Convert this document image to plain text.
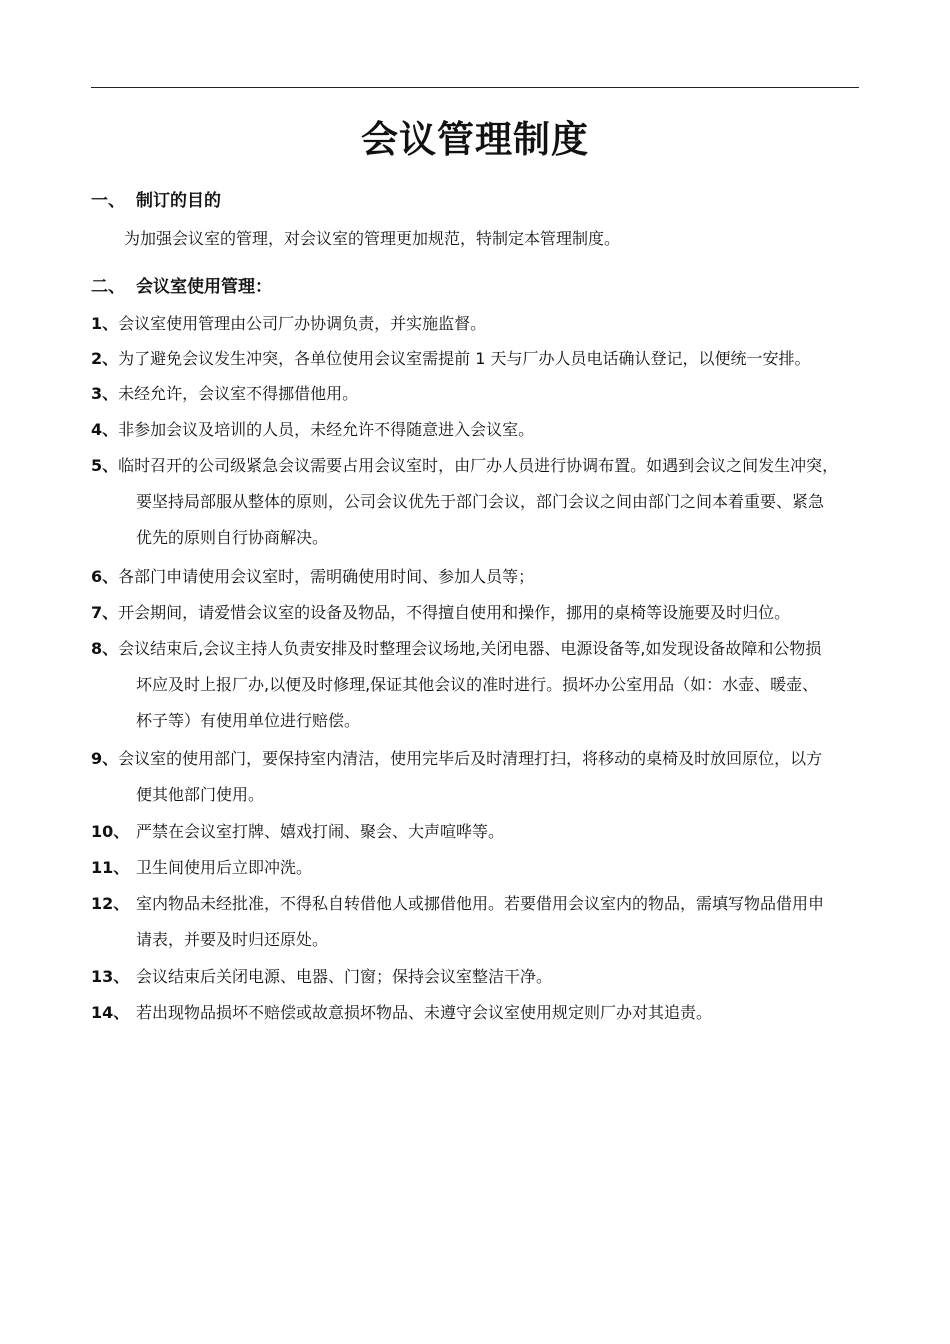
会议管理制度
一、 制订的目的
为加强会议室的管理，对会议室的管理更加规范，特制定本管理制度。
二、 会议室使用管理：
1、会议室使用管理由公司厂办协调负责，并实施监督。
2、为了避免会议发生冲突，各单位使用会议室需提前 1 天与厂办人员电话确认登记，以便统一安排。
3、未经允许，会议室不得挪借他用。
4、非参加会议及培训的人员，未经允许不得随意进入会议室。
5、临时召开的公司级紧急会议需要占用会议室时，由厂办人员进行协调布置。如遇到会议之间发生冲突，
要坚持局部服从整体的原则，公司会议优先于部门会议，部门会议之间由部门之间本着重要、紧急
优先的原则自行协商解决。
6、各部门申请使用会议室时，需明确使用时间、参加人员等；
7、开会期间，请爱惜会议室的设备及物品，不得擅自使用和操作，挪用的桌椅等设施要及时归位。
8、会议结束后,会议主持人负责安排及时整理会议场地,关闭电器、电源设备等,如发现设备故障和公物损
坏应及时上报厂办,以便及时修理,保证其他会议的准时进行。损坏办公室用品（如：水壶、暖壶、
杯子等）有使用单位进行赔偿。
9、会议室的使用部门，要保持室内清洁，使用完毕后及时清理打扫，将移动的桌椅及时放回原位，以方
便其他部门使用。
10、 严禁在会议室打牌、嬉戏打闹、聚会、大声喧哗等。
11、 卫生间使用后立即冲洗。
12、 室内物品未经批准，不得私自转借他人或挪借他用。若要借用会议室内的物品，需填写物品借用申
请表，并要及时归还原处。
13、 会议结束后关闭电源、电器、门窗；保持会议室整洁干净。
14、 若出现物品损坏不赔偿或故意损坏物品、未遵守会议室使用规定则厂办对其追责。
